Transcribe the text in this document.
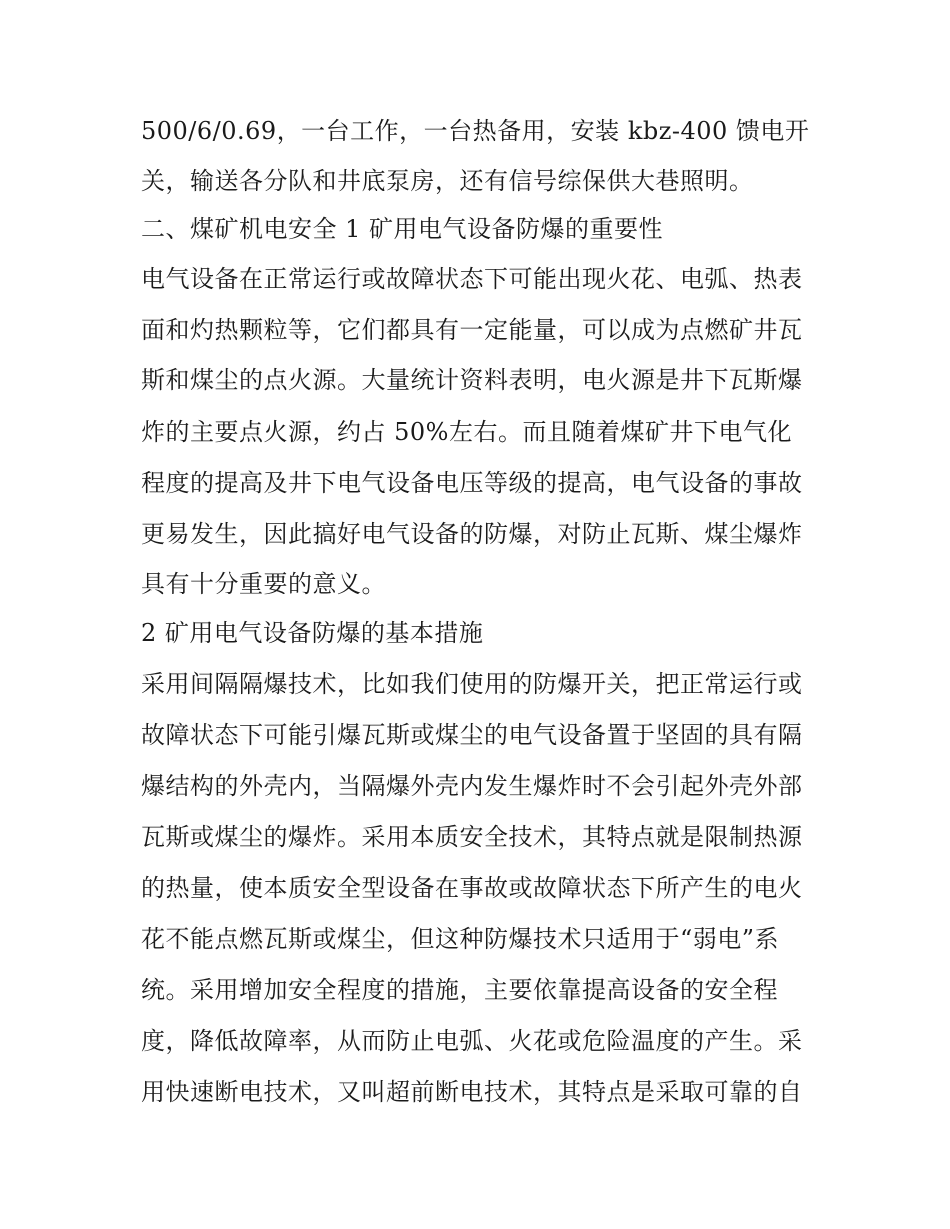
500/6/0.69，一台工作，一台热备用，安装 kbz-400 馈电开

关，输送各分队和井底泵房，还有信号综保供大巷照明。

二、煤矿机电安全 1 矿用电气设备防爆的重要性

电气设备在正常运行或故障状态下可能出现火花、电弧、热表

面和灼热颗粒等，它们都具有一定能量，可以成为点燃矿井瓦

斯和煤尘的点火源。大量统计资料表明，电火源是井下瓦斯爆

炸的主要点火源，约占 50%左右。而且随着煤矿井下电气化

程度的提高及井下电气设备电压等级的提高，电气设备的事故

更易发生，因此搞好电气设备的防爆，对防止瓦斯、煤尘爆炸

具有十分重要的意义。

2 矿用电气设备防爆的基本措施

采用间隔隔爆技术，比如我们使用的防爆开关，把正常运行或

故障状态下可能引爆瓦斯或煤尘的电气设备置于坚固的具有隔

爆结构的外壳内，当隔爆外壳内发生爆炸时不会引起外壳外部

瓦斯或煤尘的爆炸。采用本质安全技术，其特点就是限制热源

的热量，使本质安全型设备在事故或故障状态下所产生的电火

花不能点燃瓦斯或煤尘，但这种防爆技术只适用于“弱电”系

统。采用增加安全程度的措施，主要依靠提高设备的安全程

度，降低故障率，从而防止电弧、火花或危险温度的产生。采

用快速断电技术，又叫超前断电技术，其特点是采取可靠的自
